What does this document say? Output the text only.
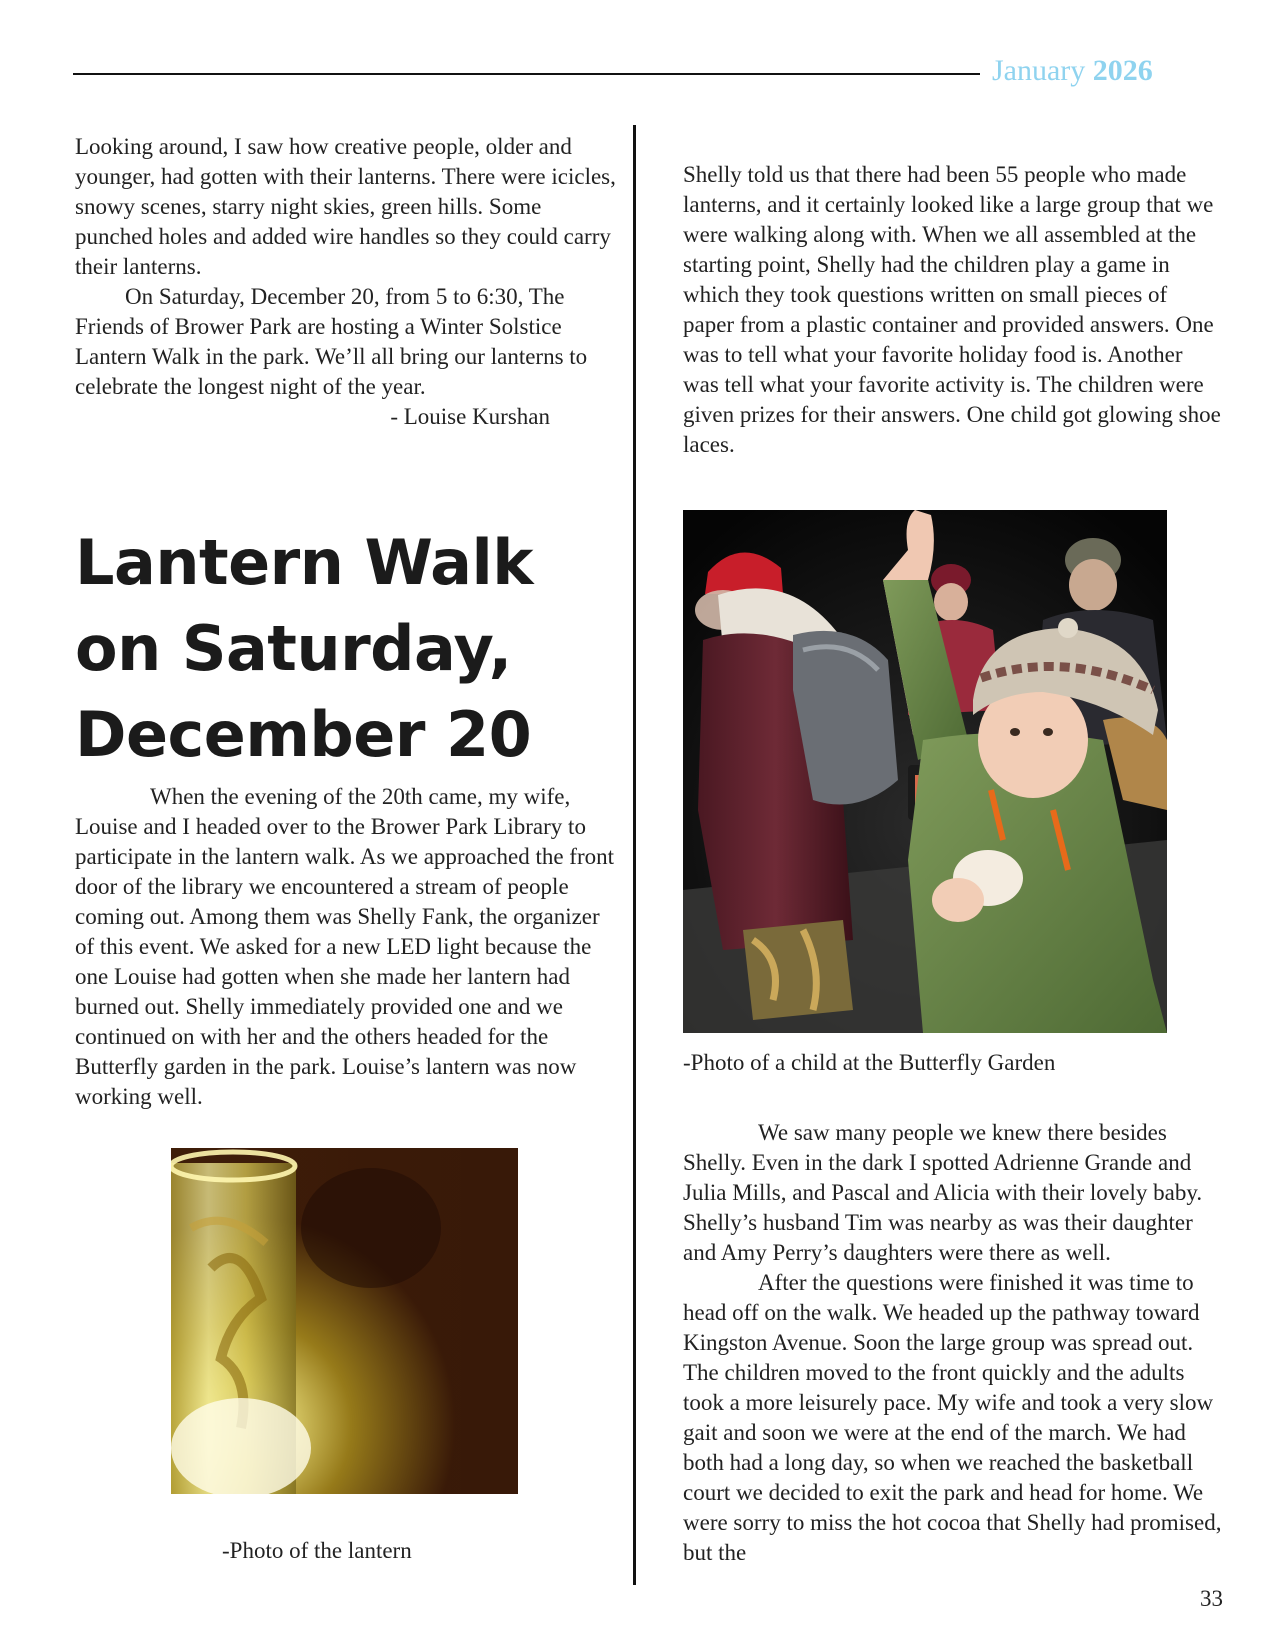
January 2026

Looking around, I saw how creative people, older and younger, had gotten with their lanterns. There were icicles, snowy scenes, starry night skies, green hills. Some punched holes and added wire handles so they could carry their lanterns.

On Saturday, December 20, from 5 to 6:30, The Friends of Brower Park are hosting a Winter Solstice Lantern Walk in the park. We’ll all bring our lanterns to celebrate the longest night of the year.

- Louise Kurshan

Lantern Walk on Saturday, December 20

When the evening of the 20th came, my wife, Louise and I headed over to the Brower Park Library to participate in the lantern walk. As we approached the front door of the library we encountered a stream of people coming out. Among them was Shelly Fank, the organizer of this event. We asked for a new LED light because the one Louise had gotten when she made her lantern had burned out. Shelly immediately provided one and we continued on with her and the others headed for the Butterfly garden in the park. Louise’s lantern was now working well.

-Photo of the lantern

Shelly told us that there had been 55 people who made lanterns, and it certainly looked like a large group that we were walking along with. When we all assembled at the starting point, Shelly had the children play a game in which they took questions written on small pieces of paper from a plastic container and provided answers. One was to tell what your favorite holiday food is. Another was tell what your favorite activity is. The children were given prizes for their answers. One child got glowing shoe laces.

-Photo of a child at the Butterfly Garden

We saw many people we knew there besides Shelly. Even in the dark I spotted Adrienne Grande and Julia Mills, and Pascal and Alicia with their lovely baby. Shelly’s husband Tim was nearby as was their daughter and Amy Perry’s daughters were there as well.

After the questions were finished it was time to head off on the walk. We headed up the pathway toward Kingston Avenue. Soon the large group was spread out. The children moved to the front quickly and the adults took a more leisurely pace. My wife and took a very slow gait and soon we were at the end of the march. We had both had a long day, so when we reached the basketball court we decided to exit the park and head for home. We were sorry to miss the hot cocoa that Shelly had promised, but the

33
